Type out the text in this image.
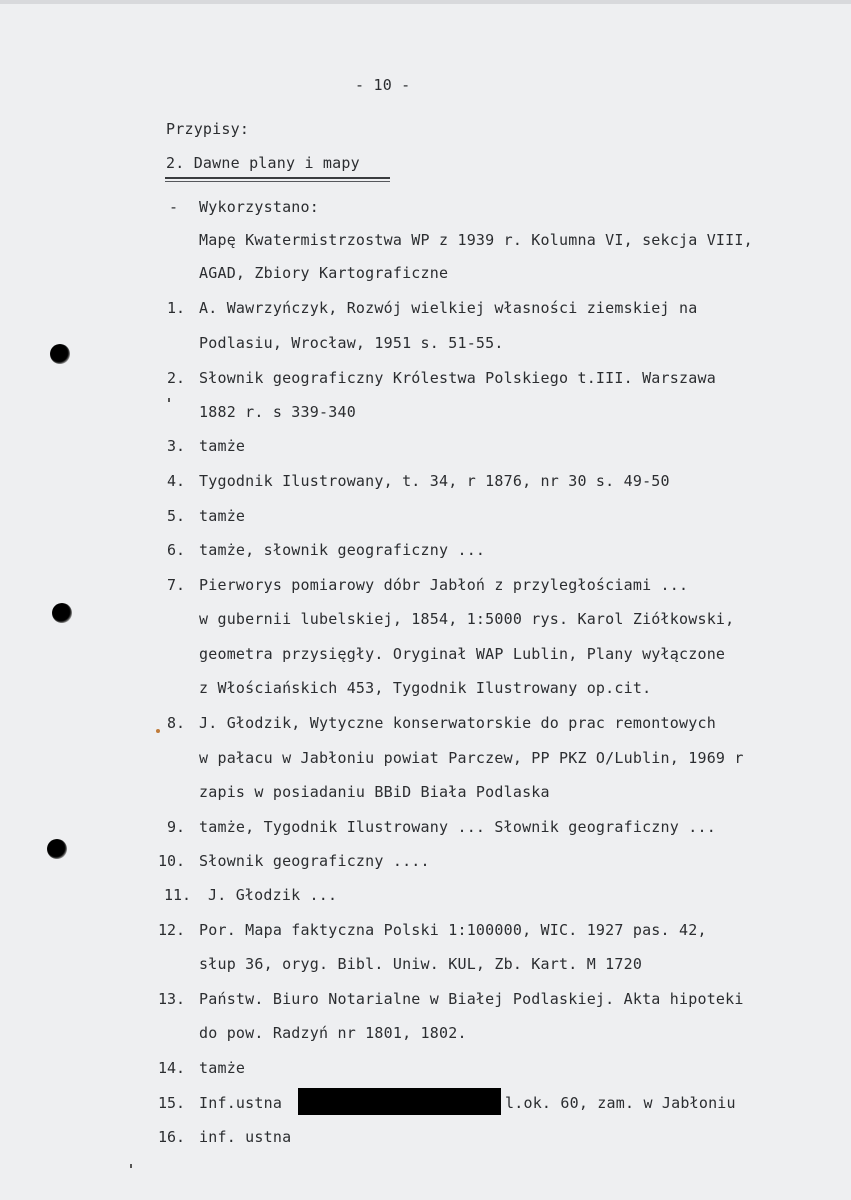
- 10 -
Przypisy:
2. Dawne plany i mapy
- Wykorzystano:
Mapę Kwatermistrzostwa WP z 1939 r. Kolumna VI, sekcja VIII,
AGAD, Zbiory Kartograficzne
1. A. Wawrzyńczyk, Rozwój wielkiej własności ziemskiej na
Podlasiu, Wrocław, 1951 s. 51-55.
2. Słownik geograficzny Królestwa Polskiego t.III. Warszawa
1882 r. s 339-340
3. tamże
4. Tygodnik Ilustrowany, t. 34, r 1876, nr 30 s. 49-50
5. tamże
6. tamże, słownik geograficzny ...
7. Pierworys pomiarowy dóbr Jabłoń z przyległościami ...
w gubernii lubelskiej, 1854, 1:5000 rys. Karol Ziółkowski,
geometra przysięgły. Oryginał WAP Lublin, Plany wyłączone
z Włościańskich 453, Tygodnik Ilustrowany op.cit.
8. J. Głodzik, Wytyczne konserwatorskie do prac remontowych
w pałacu w Jabłoniu powiat Parczew, PP PKZ O/Lublin, 1969 r
zapis w posiadaniu BBiD Biała Podlaska
9. tamże, Tygodnik Ilustrowany ... Słownik geograficzny ...
10. Słownik geograficzny ....
11. J. Głodzik ...
12. Por. Mapa faktyczna Polski 1:100000, WIC. 1927 pas. 42,
słup 36, oryg. Bibl. Uniw. KUL, Zb. Kart. M 1720
13. Państw. Biuro Notarialne w Białej Podlaskiej. Akta hipoteki
do pow. Radzyń nr 1801, 1802.
14. tamże
15. Inf.ustna	l.ok. 60, zam. w Jabłoniu
16. inf. ustna
